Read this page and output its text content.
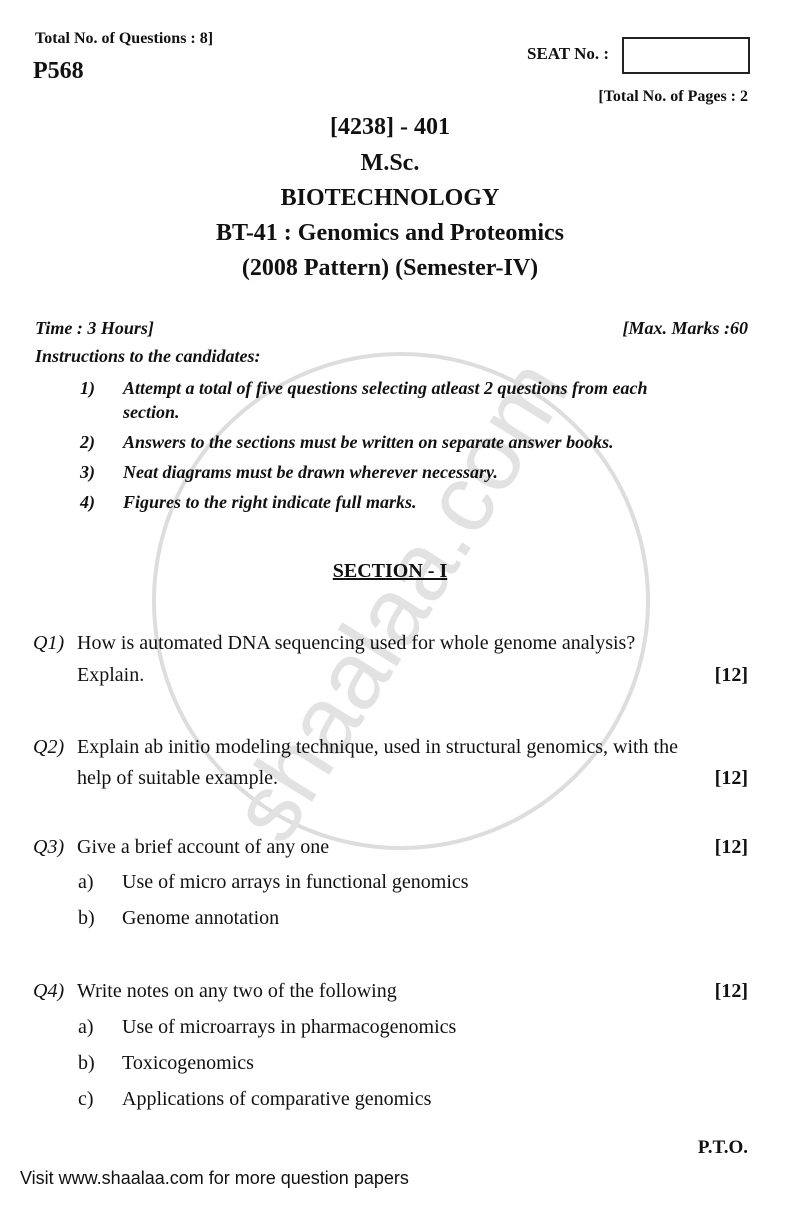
Total No. of Questions : 8]
P568
SEAT No. :
[Total No. of Pages : 2
[4238] - 401
M.Sc.
BIOTECHNOLOGY
BT-41 : Genomics and Proteomics
(2008 Pattern) (Semester-IV)
Time : 3 Hours]	[Max. Marks :60
Instructions to the candidates:
1) Attempt a total of five questions selecting atleast 2 questions from each
section.
2) Answers to the sections must be written on separate answer books.
3) Neat diagrams must be drawn wherever necessary.
4) Figures to the right indicate full marks.
SECTION - I
Q1) How is automated DNA sequencing used for whole genome analysis?
Explain.	[12]
Q2) Explain ab initio modeling technique, used in structural genomics, with the
help of suitable example.	[12]
Q3) Give a brief account of any one	[12]
a) Use of micro arrays in functional genomics
b) Genome annotation
Q4) Write notes on any two of the following	[12]
a) Use of microarrays in pharmacogenomics
b) Toxicogenomics
c) Applications of comparative genomics
P.T.O.
Visit www.shaalaa.com for more question papers
